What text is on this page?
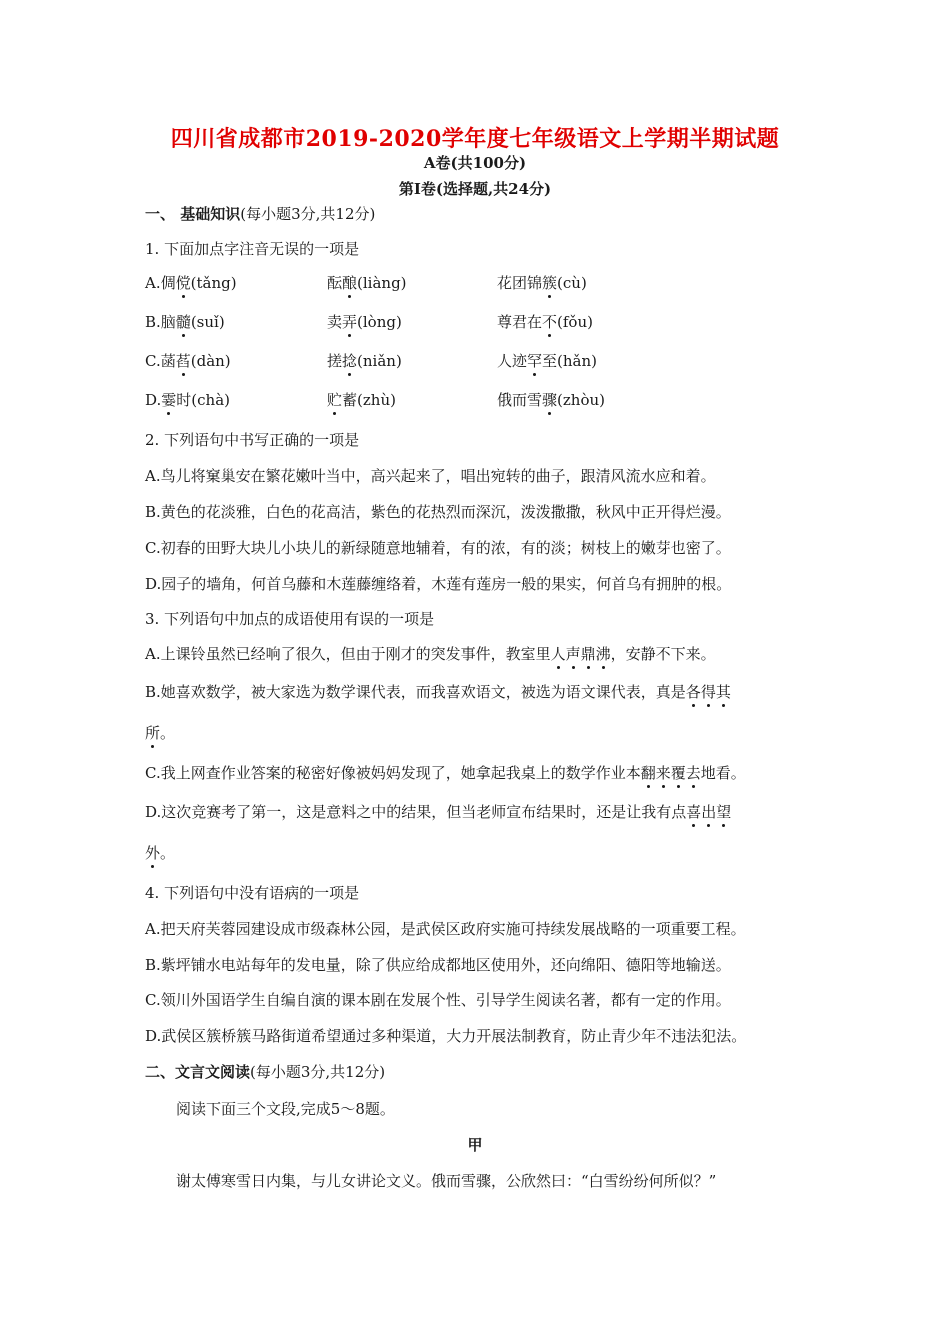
四川省成都市2019-2020学年度七年级语文上学期半期试题
A卷(共100分)
第Ⅰ卷(选择题,共24分)
一、 基础知识(每小题3分,共12分)
1. 下面加点字注音无误的一项是
A.倜傥(tǎng)	酝酿(liàng)	花团锦簇(cù)
B.脑髓(suǐ)	卖弄(lòng)	尊君在不(fǒu)
C.菡萏(dàn)	搓捻(niǎn)	人迹罕至(hǎn)
D.霎时(chà)	贮蓄(zhù)	俄而雪骤(zhòu)
2. 下列语句中书写正确的一项是
A.鸟儿将窠巢安在繁花嫩叶当中，高兴起来了，唱出宛转的曲子，跟清风流水应和着。
B.黄色的花淡雅，白色的花高洁，紫色的花热烈而深沉，泼泼撒撒，秋风中正开得烂漫。
C.初春的田野大块儿小块儿的新绿随意地辅着，有的浓，有的淡；树枝上的嫩芽也密了。
D.园子的墙角，何首乌藤和木莲藤缠络着，木莲有莲房一般的果实，何首乌有拥肿的根。
3. 下列语句中加点的成语使用有误的一项是
A.上课铃虽然已经响了很久，但由于刚才的突发事件，教室里人声鼎沸，安静不下来。
B.她喜欢数学，被大家选为数学课代表，而我喜欢语文，被选为语文课代表，真是各得其
所。
C.我上网查作业答案的秘密好像被妈妈发现了，她拿起我桌上的数学作业本翻来覆去地看。
D.这次竞赛考了第一，这是意料之中的结果，但当老师宣布结果时，还是让我有点喜出望
外。
4. 下列语句中没有语病的一项是
A.把天府芙蓉园建设成市级森林公园，是武侯区政府实施可持续发展战略的一项重要工程。
B.紫坪铺水电站每年的发电量，除了供应给成都地区使用外，还向绵阳、德阳等地输送。
C.领川外国语学生自编自演的课本剧在发展个性、引导学生阅读名著，都有一定的作用。
D.武侯区簇桥簇马路街道希望通过多种渠道，大力开展法制教育，防止青少年不违法犯法。
二、文言文阅读(每小题3分,共12分)
阅读下面三个文段,完成5～8题。
甲
谢太傅寒雪日内集，与儿女讲论文义。俄而雪骤，公欣然曰：“白雪纷纷何所似？”
